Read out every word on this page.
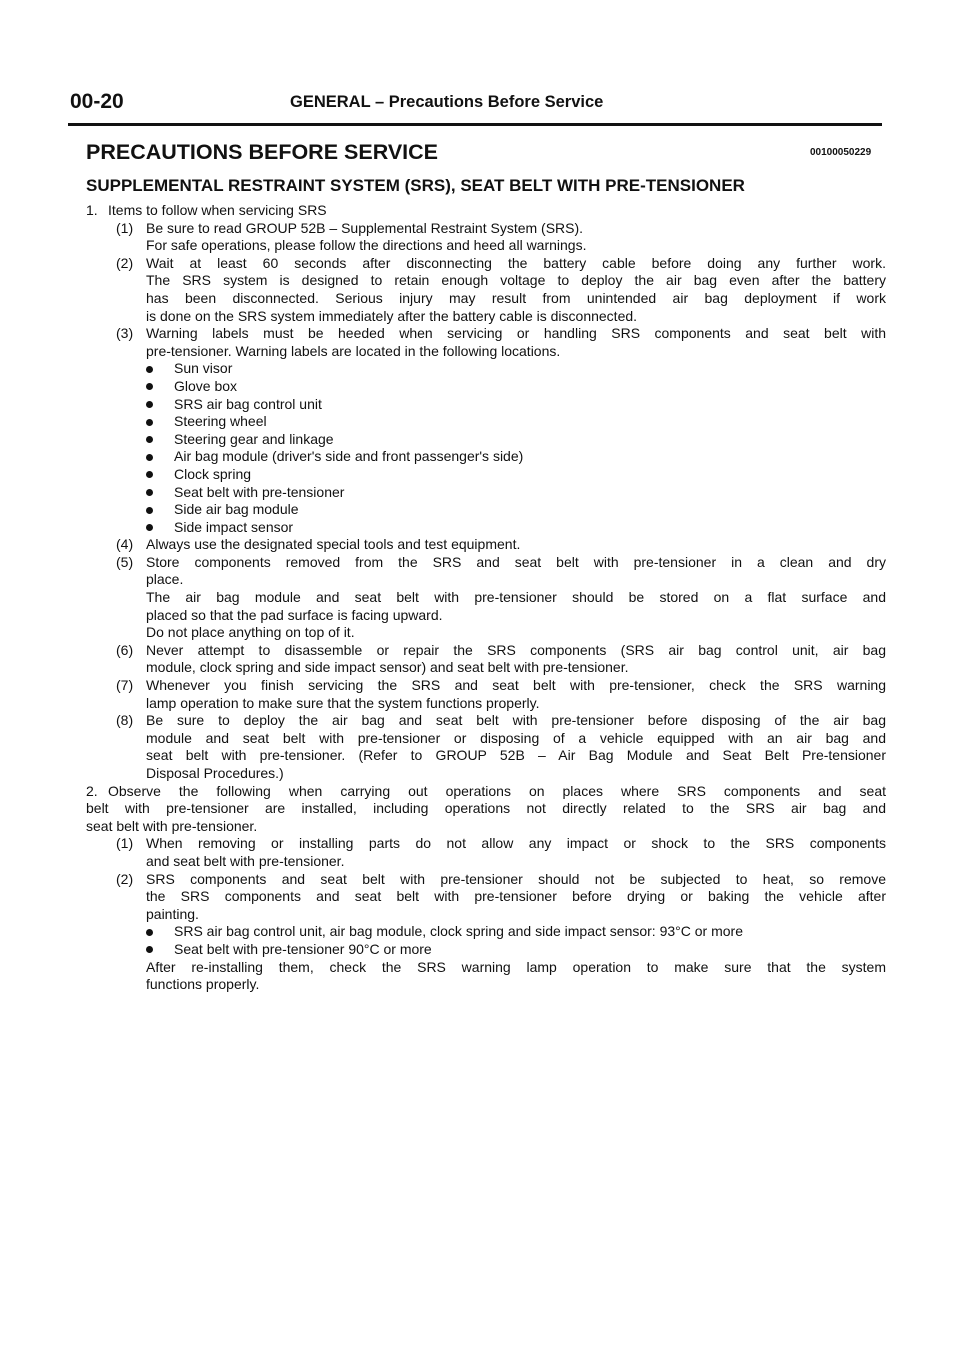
00-20	GENERAL – Precautions Before Service
PRECAUTIONS BEFORE SERVICE	00100050229
SUPPLEMENTAL RESTRAINT SYSTEM (SRS), SEAT BELT WITH PRE-TENSIONER
1. Items to follow when servicing SRS
(1) Be sure to read GROUP 52B – Supplemental Restraint System (SRS).
For safe operations, please follow the directions and heed all warnings.
(2) Wait at least 60 seconds after disconnecting the battery cable before doing any further work.
The SRS system is designed to retain enough voltage to deploy the air bag even after the battery
has been disconnected. Serious injury may result from unintended air bag deployment if work
is done on the SRS system immediately after the battery cable is disconnected.
(3) Warning labels must be heeded when servicing or handling SRS components and seat belt with
pre-tensioner. Warning labels are located in the following locations.
Sun visor
Glove box
SRS air bag control unit
Steering wheel
Steering gear and linkage
Air bag module (driver's side and front passenger's side)
Clock spring
Seat belt with pre-tensioner
Side air bag module
Side impact sensor
(4) Always use the designated special tools and test equipment.
(5) Store components removed from the SRS and seat belt with pre-tensioner in a clean and dry
place.
The air bag module and seat belt with pre-tensioner should be stored on a flat surface and
placed so that the pad surface is facing upward.
Do not place anything on top of it.
(6) Never attempt to disassemble or repair the SRS components (SRS air bag control unit, air bag
module, clock spring and side impact sensor) and seat belt with pre-tensioner.
(7) Whenever you finish servicing the SRS and seat belt with pre-tensioner, check the SRS warning
lamp operation to make sure that the system functions properly.
(8) Be sure to deploy the air bag and seat belt with pre-tensioner before disposing of the air bag
module and seat belt with pre-tensioner or disposing of a vehicle equipped with an air bag and
seat belt with pre-tensioner. (Refer to GROUP 52B – Air Bag Module and Seat Belt Pre-tensioner
Disposal Procedures.)
2. Observe the following when carrying out operations on places where SRS components and seat
belt with pre-tensioner are installed, including operations not directly related to the SRS air bag and
seat belt with pre-tensioner.
(1) When removing or installing parts do not allow any impact or shock to the SRS components
and seat belt with pre-tensioner.
(2) SRS components and seat belt with pre-tensioner should not be subjected to heat, so remove
the SRS components and seat belt with pre-tensioner before drying or baking the vehicle after
painting.
SRS air bag control unit, air bag module, clock spring and side impact sensor: 93°C or more
Seat belt with pre-tensioner 90°C or more
After re-installing them, check the SRS warning lamp operation to make sure that the system
functions properly.
